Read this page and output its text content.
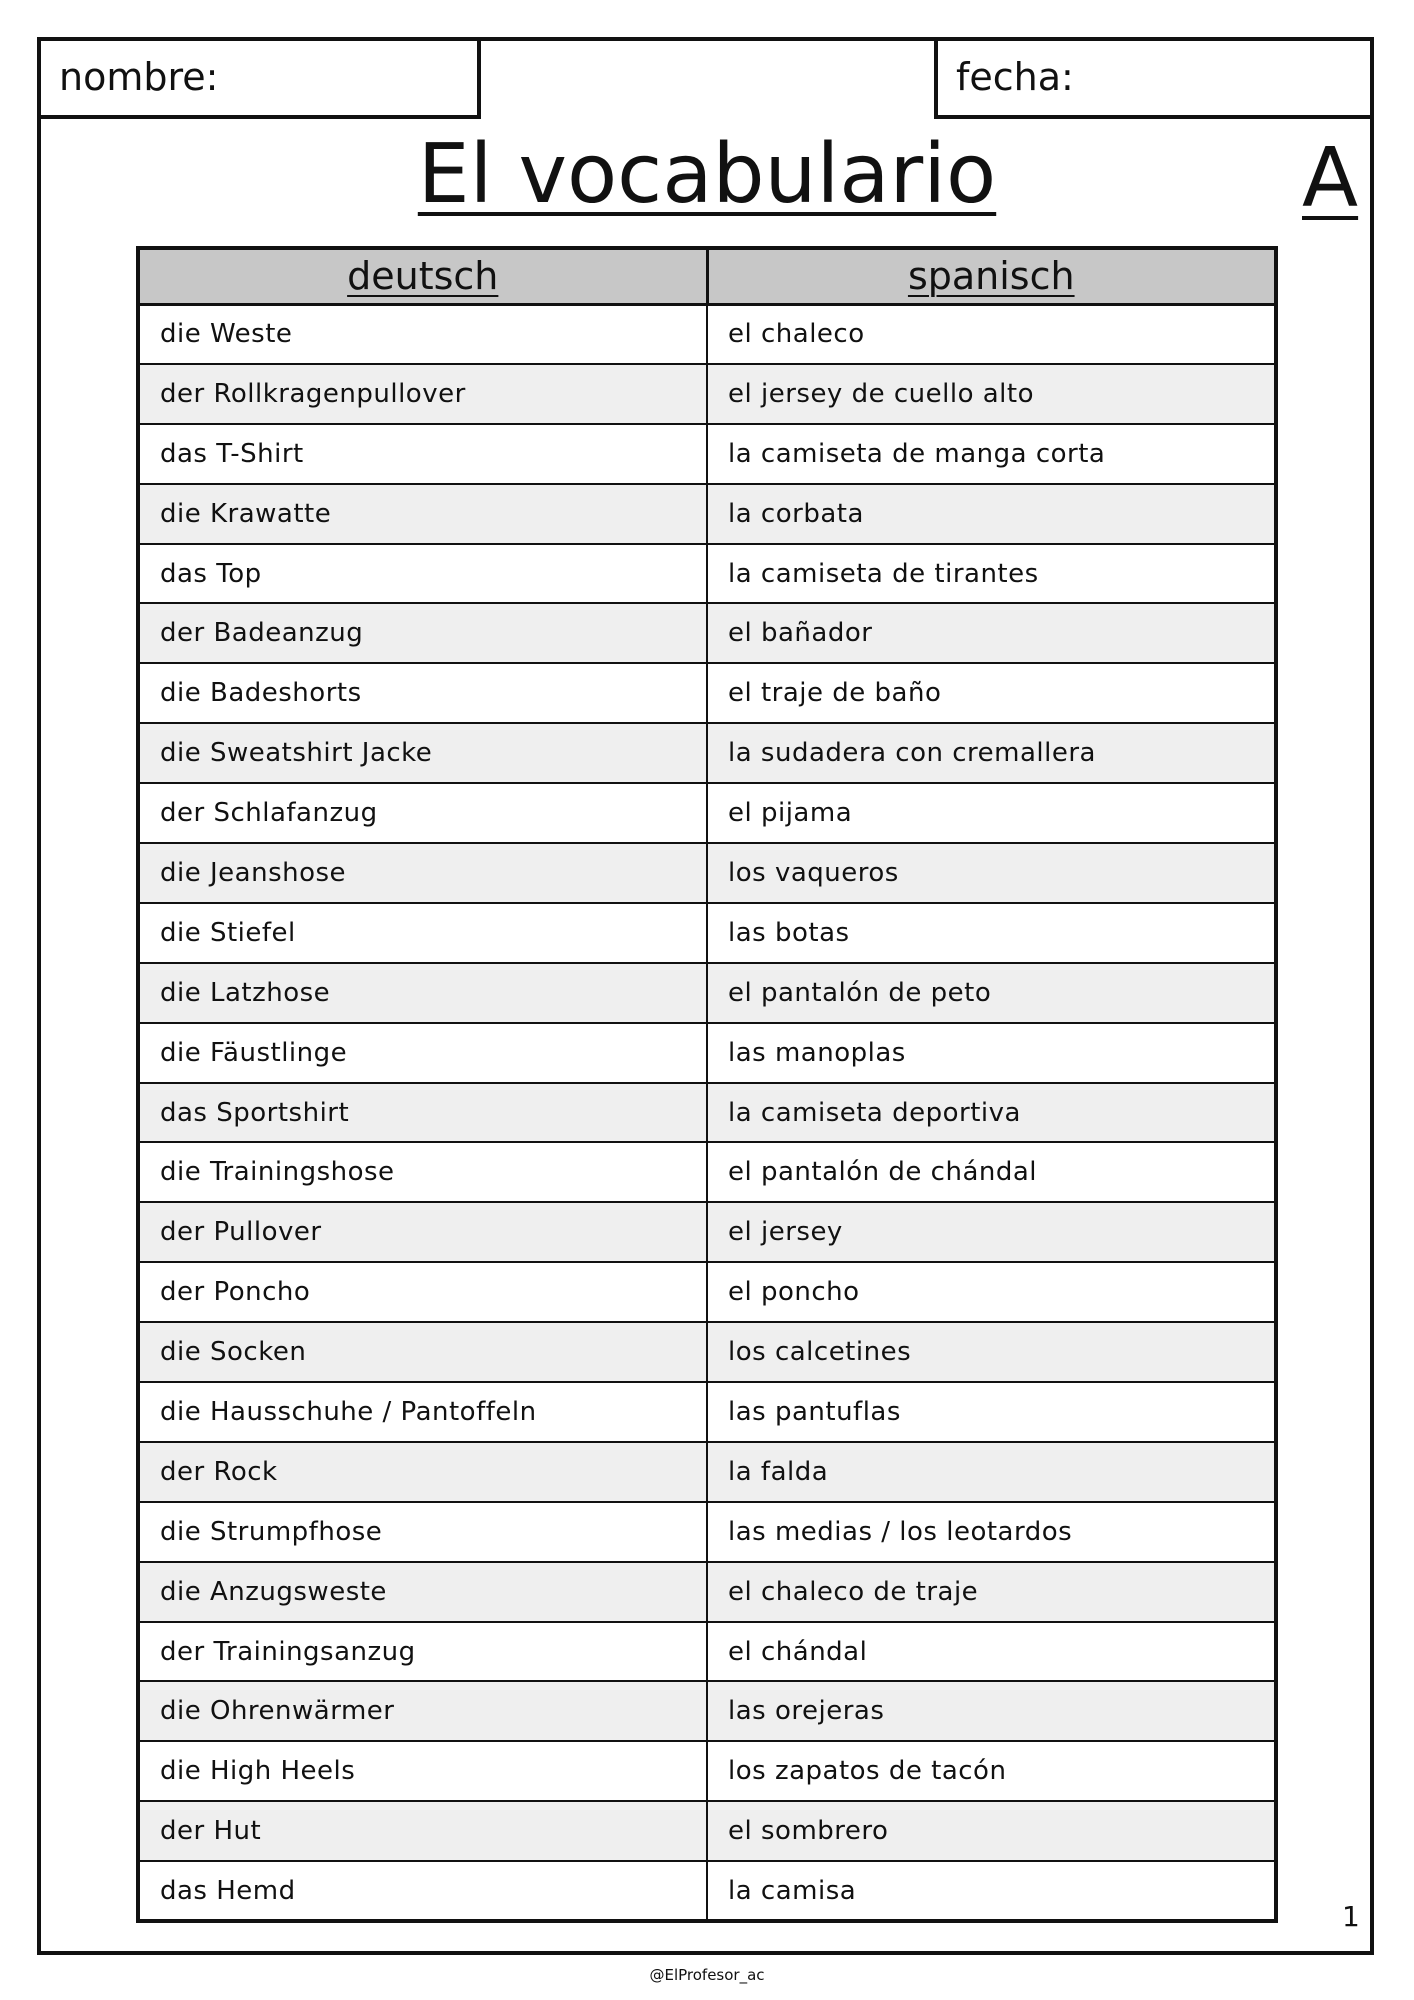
nombre:	fecha:
El vocabulario	A
deutsch	spanisch
die Weste	el chaleco
der Rollkragenpullover	el jersey de cuello alto
das T-Shirt	la camiseta de manga corta
die Krawatte	la corbata
das Top	la camiseta de tirantes
der Badeanzug	el bañador
die Badeshorts	el traje de baño
die Sweatshirt Jacke	la sudadera con cremallera
der Schlafanzug	el pijama
die Jeanshose	los vaqueros
die Stiefel	las botas
die Latzhose	el pantalón de peto
die Fäustlinge	las manoplas
das Sportshirt	la camiseta deportiva
die Trainingshose	el pantalón de chándal
der Pullover	el jersey
der Poncho	el poncho
die Socken	los calcetines
die Hausschuhe / Pantoffeln	las pantuflas
der Rock	la falda
die Strumpfhose	las medias / los leotardos
die Anzugsweste	el chaleco de traje
der Trainingsanzug	el chándal
die Ohrenwärmer	las orejeras
die High Heels	los zapatos de tacón
der Hut	el sombrero
das Hemd	la camisa
1
@ElProfesor_ac
